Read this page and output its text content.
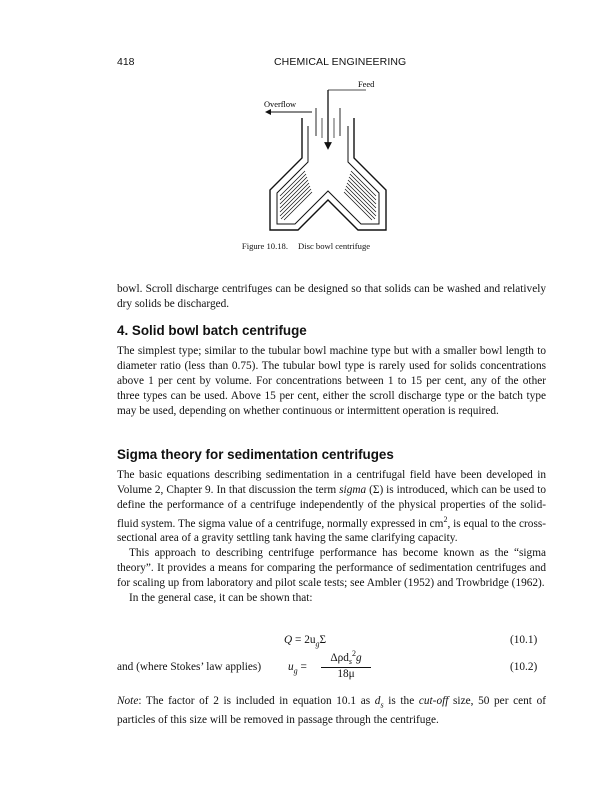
418	CHEMICAL ENGINEERING
Feed
Overflow
Figure 10.18. Disc bowl centrifuge

bowl. Scroll discharge centrifuges can be designed so that solids can be washed and relatively dry solids be discharged.

4. Solid bowl batch centrifuge

The simplest type; similar to the tubular bowl machine type but with a smaller bowl length to diameter ratio (less than 0.75). The tubular bowl type is rarely used for solids concentrations above 1 per cent by volume. For concentrations between 1 to 15 per cent, any of the other three types can be used. Above 15 per cent, either the scroll discharge type or the batch type may be used, depending on whether continuous or intermittent operation is required.

Sigma theory for sedimentation centrifuges

The basic equations describing sedimentation in a centrifugal field have been developed in Volume 2, Chapter 9. In that discussion the term sigma (Σ) is introduced, which can be used to define the performance of a centrifuge independently of the physical properties of the solid-fluid system. The sigma value of a centrifuge, normally expressed in $cm^2$, is equal to the cross-sectional area of a gravity settling tank having the same clarifying capacity.

This approach to describing centrifuge performance has become known as the “sigma theory”. It provides a means for comparing the performance of sedimentation centrifuges and for scaling up from laboratory and pilot scale tests; see Ambler (1952) and Trowbridge (1962).

In the general case, it can be shown that:

$Q = 2u_g\Sigma$	(10.1)
and (where Stokes’ law applies) $u_g$ =
Δρd$_s^2$g
18μ
(10.2)

Note: The factor of 2 is included in equation 10.1 as $d_s$ is the cut-off size, 50 per cent of particles of this size will be removed in passage through the centrifuge.
